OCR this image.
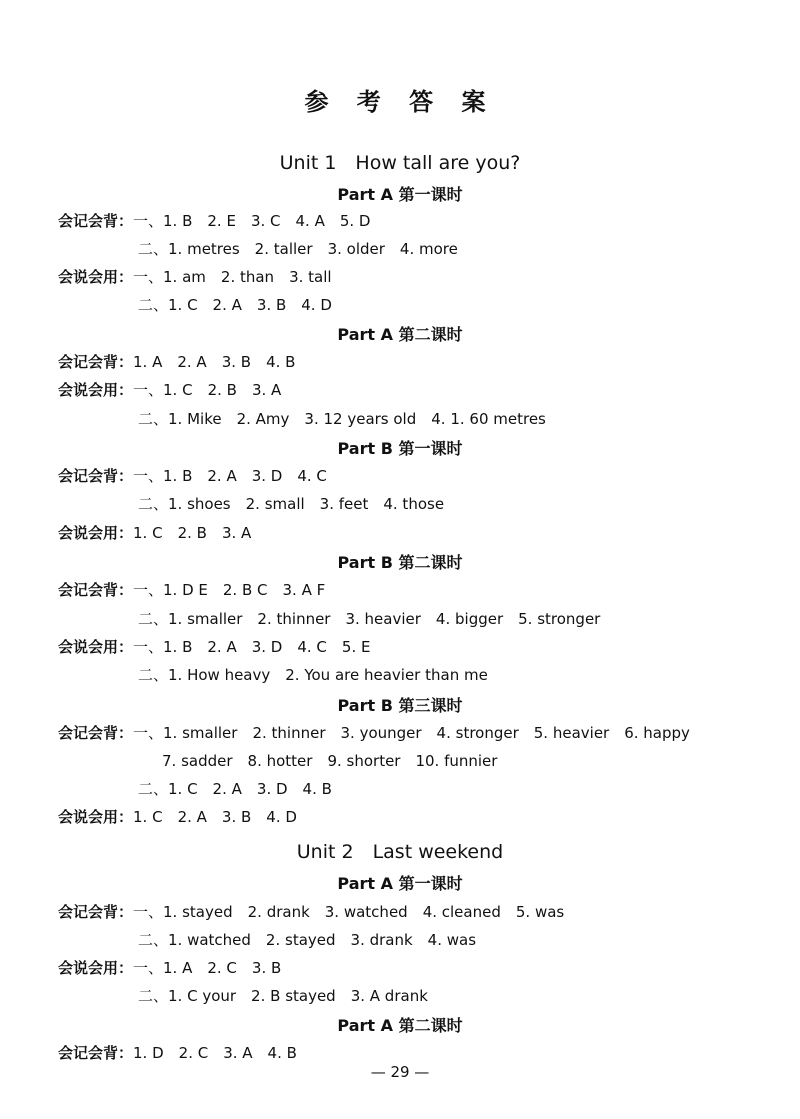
参 考 答 案
Unit 1　How tall are you?
Part A 第一课时
会记会背：一、1. B　2. E　3. C　4. A　5. D
二、1. metres　2. taller　3. older　4. more
会说会用：一、1. am　2. than　3. tall
二、1. C　2. A　3. B　4. D
Part A 第二课时
会记会背：1. A　2. A　3. B　4. B
会说会用：一、1. C　2. B　3. A
二、1. Mike　2. Amy　3. 12 years old　4. 1. 60 metres
Part B 第一课时
会记会背：一、1. B　2. A　3. D　4. C
二、1. shoes　2. small　3. feet　4. those
会说会用：1. C　2. B　3. A
Part B 第二课时
会记会背：一、1. D E　2. B C　3. A F
二、1. smaller　2. thinner　3. heavier　4. bigger　5. stronger
会说会用：一、1. B　2. A　3. D　4. C　5. E
二、1. How heavy　2. You are heavier than me
Part B 第三课时
会记会背：一、1. smaller　2. thinner　3. younger　4. stronger　5. heavier　6. happy
7. sadder　8. hotter　9. shorter　10. funnier
二、1. C　2. A　3. D　4. B
会说会用：1. C　2. A　3. B　4. D
Unit 2　Last weekend
Part A 第一课时
会记会背：一、1. stayed　2. drank　3. watched　4. cleaned　5. was
二、1. watched　2. stayed　3. drank　4. was
会说会用：一、1. A　2. C　3. B
二、1. C your　2. B stayed　3. A drank
Part A 第二课时
会记会背：1. D　2. C　3. A　4. B
— 29 —
